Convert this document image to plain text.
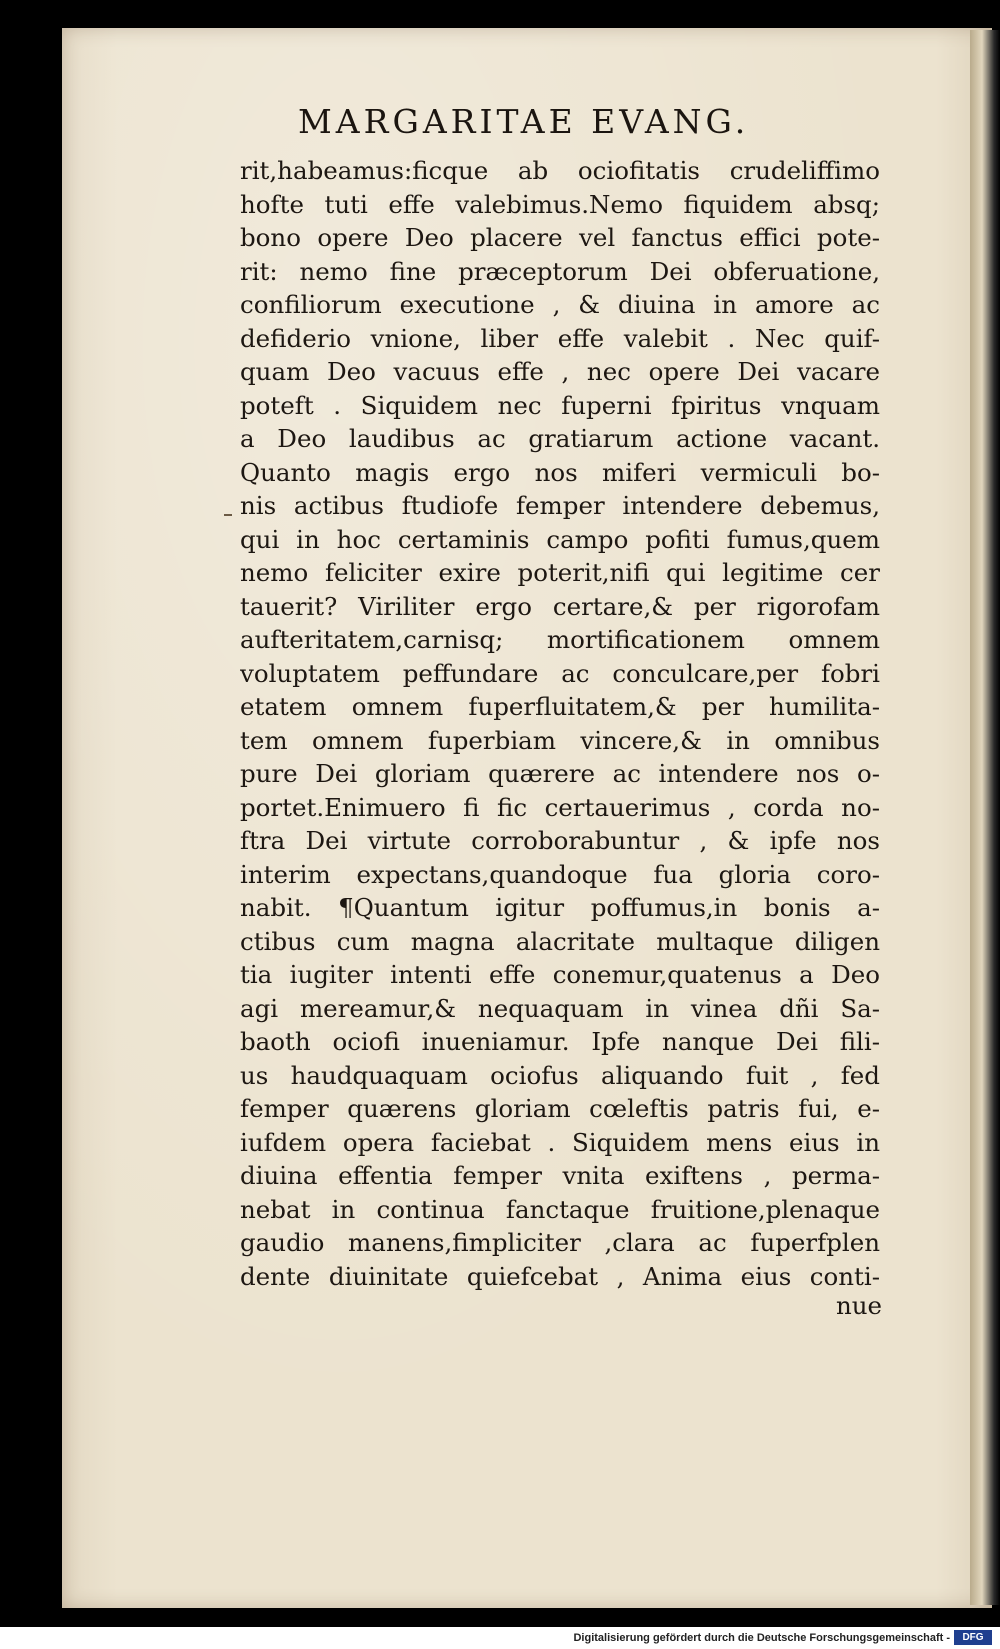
MARGARITAE EVANG.
rit,habeamus:ficque ab ociofitatis crudeliffimo
hofte tuti effe valebimus.Nemo fiquidem absq;
bono opere Deo placere vel fanctus effici pote-
rit: nemo fine præceptorum Dei obferuatione,
confiliorum executione , & diuina in amore ac
defiderio vnione, liber effe valebit . Nec quif-
quam Deo vacuus effe , nec opere Dei vacare
poteft . Siquidem nec fuperni fpiritus vnquam
a Deo laudibus ac gratiarum actione vacant.
Quanto magis ergo nos miferi vermiculi bo-
nis actibus ftudiofe femper intendere debemus,
qui in hoc certaminis campo pofiti fumus,quem
nemo feliciter exire poterit,nifi qui legitime cer
tauerit? Viriliter ergo certare,& per rigorofam
aufteritatem,carnisq; mortificationem omnem
voluptatem peffundare ac conculcare,per fobri
etatem omnem fuperfluitatem,& per humilita-
tem omnem fuperbiam vincere,& in omnibus
pure Dei gloriam quærere ac intendere nos o-
portet.Enimuero fi fic certauerimus , corda no-
ftra Dei virtute corroborabuntur , & ipfe nos
interim expectans,quandoque fua gloria coro-
nabit. ¶Quantum igitur poffumus,in bonis a-
ctibus cum magna alacritate multaque diligen
tia iugiter intenti effe conemur,quatenus a Deo
agi mereamur,& nequaquam in vinea dñi Sa-
baoth ociofi inueniamur. Ipfe nanque Dei fili-
us haudquaquam ociofus aliquando fuit , fed
femper quærens gloriam cœleftis patris fui, e-
iufdem opera faciebat . Siquidem mens eius in
diuina effentia femper vnita exiftens , perma-
nebat in continua fanctaque fruitione,plenaque
gaudio manens,fimpliciter ,clara ac fuperfplen
dente diuinitate quiefcebat , Anima eius conti-
nue
Digitalisierung gefördert durch die Deutsche Forschungsgemeinschaft -	DFG
